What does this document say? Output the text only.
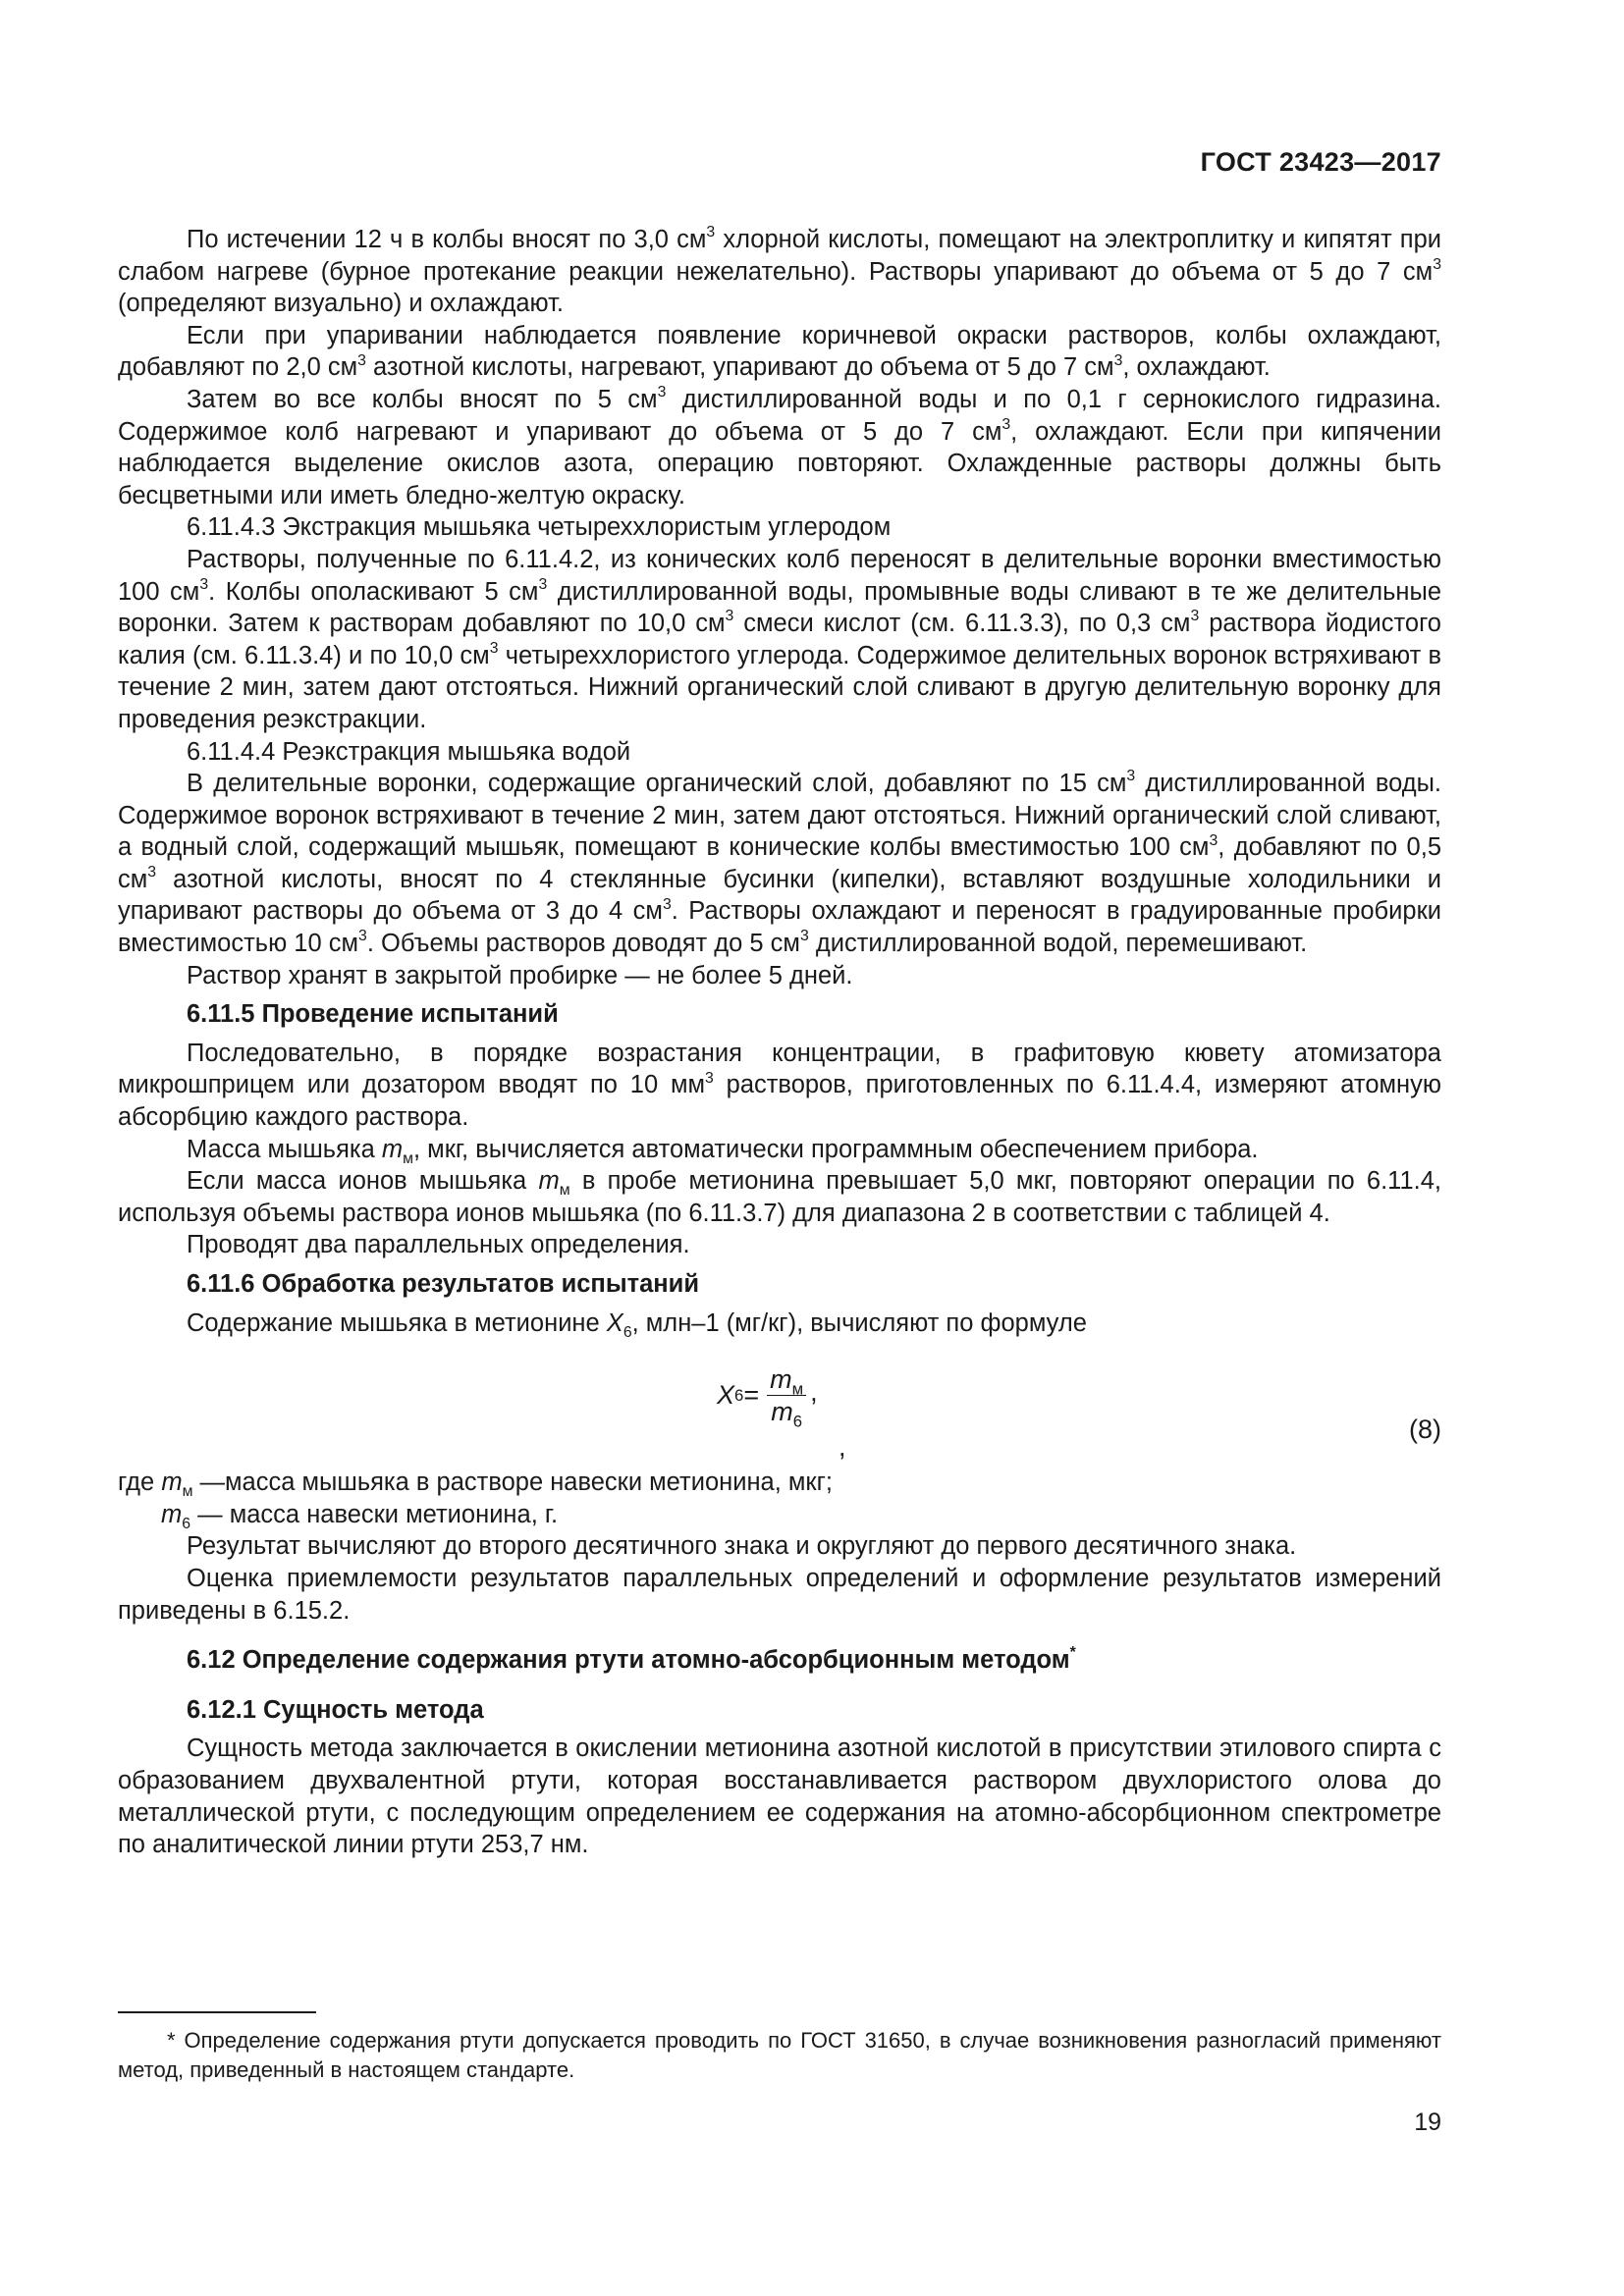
ГОСТ 23423—2017

По истечении 12 ч в колбы вносят по 3,0 $см^3$ хлорной кислоты, помещают на электроплитку и кипятят при слабом нагреве (бурное протекание реакции нежелательно). Растворы упаривают до объема от 5 до 7 $см^3$ (определяют визуально) и охлаждают.

Если при упаривании наблюдается появление коричневой окраски растворов, колбы охлаждают, добавляют по 2,0 $см^3$ азотной кислоты, нагревают, упаривают до объема от 5 до 7 $см^3$, охлаждают.

Затем во все колбы вносят по 5 $см^3$ дистиллированной воды и по 0,1 г сернокислого гидразина. Содержимое колб нагревают и упаривают до объема от 5 до 7 $см^3$, охлаждают. Если при кипячении наблюдается выделение окислов азота, операцию повторяют. Охлажденные растворы должны быть бесцветными или иметь бледно-желтую окраску.

6.11.4.3 Экстракция мышьяка четыреххлористым углеродом

Растворы, полученные по 6.11.4.2, из конических колб переносят в делительные воронки вместимостью 100 $см^3$. Колбы ополаскивают 5 $см^3$ дистиллированной воды, промывные воды сливают в те же делительные воронки. Затем к растворам добавляют по 10,0 $см^3$ смеси кислот (см. 6.11.3.3), по 0,3 $см^3$ раствора йодистого калия (см. 6.11.3.4) и по 10,0 $см^3$ четыреххлористого углерода. Содержимое делительных воронок встряхивают в течение 2 мин, затем дают отстояться. Нижний органический слой сливают в другую делительную воронку для проведения реэкстракции.

6.11.4.4 Реэкстракция мышьяка водой

В делительные воронки, содержащие органический слой, добавляют по 15 $см^3$ дистиллированной воды. Содержимое воронок встряхивают в течение 2 мин, затем дают отстояться. Нижний органический слой сливают, а водный слой, содержащий мышьяк, помещают в конические колбы вместимостью 100 $см^3$, добавляют по 0,5 $см^3$ азотной кислоты, вносят по 4 стеклянные бусинки (кипелки), вставляют воздушные холодильники и упаривают растворы до объема от 3 до 4 $см^3$. Растворы охлаждают и переносят в градуированные пробирки вместимостью 10 $см^3$. Объемы растворов доводят до 5 $см^3$ дистиллированной водой, перемешивают.

Раствор хранят в закрытой пробирке — не более 5 дней.

6.11.5 Проведение испытаний

Последовательно, в порядке возрастания концентрации, в графитовую кювету атомизатора микрошприцем или дозатором вводят по 10 $мм^3$ растворов, приготовленных по 6.11.4.4, измеряют атомную абсорбцию каждого раствора.

Масса мышьяка $m_м$, мкг, вычисляется автоматически программным обеспечением прибора.

Если масса ионов мышьяка $m_м$ в пробе метионина превышает 5,0 мкг, повторяют операции по 6.11.4, используя объемы раствора ионов мышьяка (по 6.11.3.7) для диапазона 2 в соответствии с таблицей 4.

Проводят два параллельных определения.

6.11.6 Обработка результатов испытаний

Содержание мышьяка в метионине $X_6$, млн–1 (мг/кг), вычисляют по формуле

X $6 = \frac{m_м}{m_6}$ ,
,
(8)

где $m_м$ —масса мышьяка в растворе навески метионина, мкг;

$m_6$ — масса навески метионина, г.

Результат вычисляют до второго десятичного знака и округляют до первого десятичного знака.

Оценка приемлемости результатов параллельных определений и оформление результатов измерений приведены в 6.15.2.

6.12 Определение содержания ртути атомно-абсорбционным методом*

6.12.1 Сущность метода

Сущность метода заключается в окислении метионина азотной кислотой в присутствии этилового спирта с образованием двухвалентной ртути, которая восстанавливается раствором двухлористого олова до металлической ртути, с последующим определением ее содержания на атомно-абсорбционном спектрометре по аналитической линии ртути 253,7 нм.

* Определение содержания ртути допускается проводить по ГОСТ 31650, в случае возникновения разногласий применяют метод, приведенный в настоящем стандарте.

19
